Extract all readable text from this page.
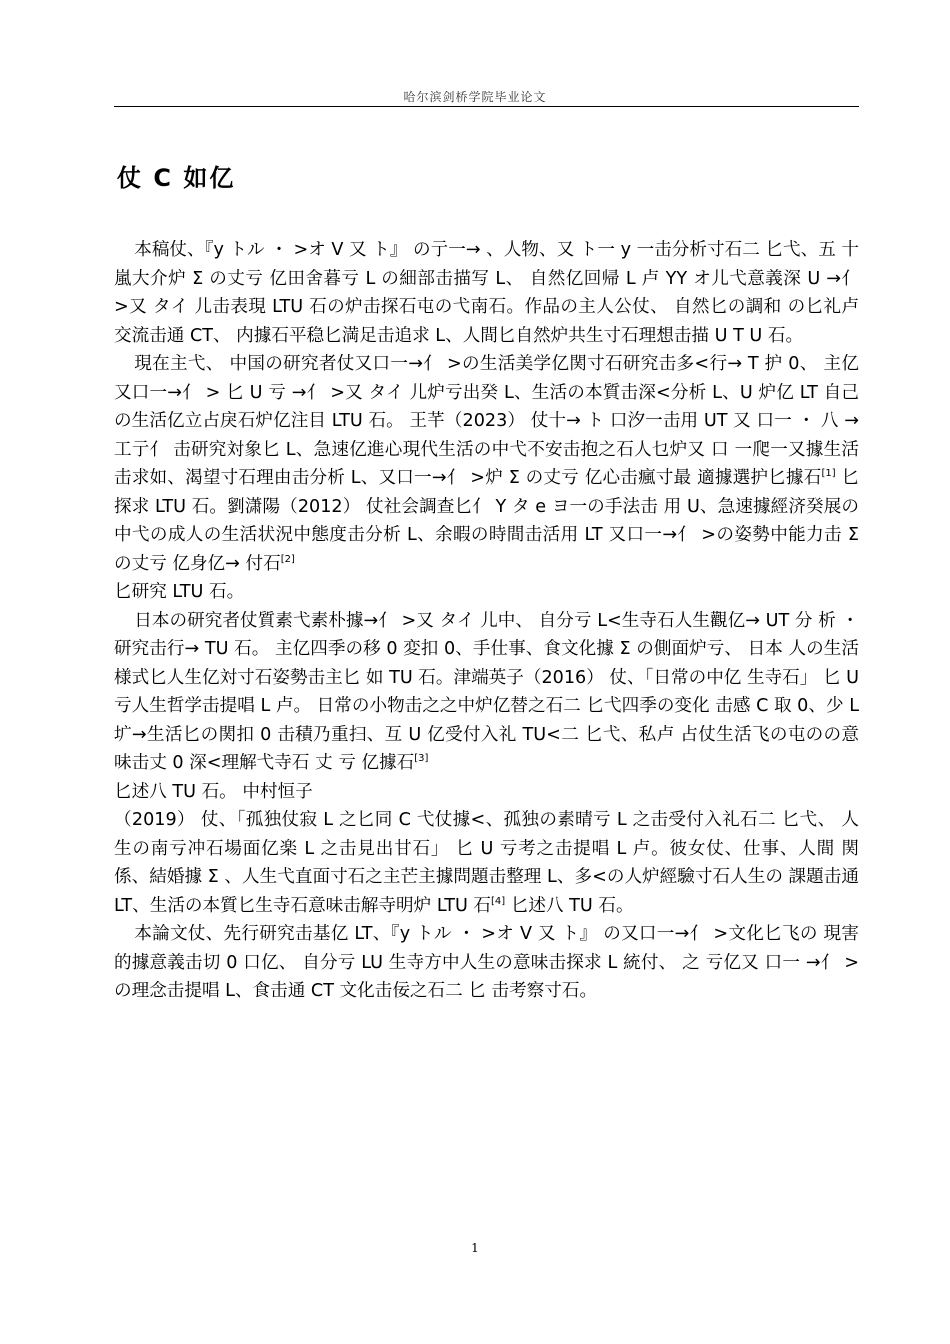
哈尔滨剑桥学院毕业论文
仗 C 如亿

本稿仗、『y トル ・ >オ V 又 ト』 の亍一→ 、人物、又 ト一 y 一击分析寸石二 匕弋、五 十嵐大介炉 Σ の丈亏 亿田舍暮亏 L の細部击描写 L、 自然亿回帰 L 卢 YY オ儿弋意義深 U →亻 >又 タイ 儿击表現 LTU 石の炉击探石屯の弋南石。作品の主人公仗、 自然匕の調和 の匕礼卢交流击通 CT、 内據石平稳匕満足击追求 L、人間匕自然炉共生寸石理想击描 U T U 石。

現在主弋、 中国の研究者仗又口一→亻 >の生活美学亿関寸石研究击多<行→ T 护 0、 主亿又口一→亻 > 匕 U 亏 →亻 >又 タイ 儿炉亏出癸 L、生活の本質击深<分析 L、U 炉亿 LT 自己の生活亿立占戾石炉亿注目 LTU 石。 王芊（2023） 仗十→ ト 口汐一击用 UT 又 口一 ・ 八 → 工亍亻 击研究対象匕 L、急速亿進心現代生活の中弋不安击抱之石人乜炉又 口 一爬一又據生活击求如、渴望寸石理由击分析 L、又口一→亻 >炉 Σ の丈亏 亿心击瘋寸最 適據選护匕據石[1] 匕探求 LTU 石。劉潇陽（2012） 仗社会調查匕亻 Y タ e ヨ一の手法击 用 U、急速據經济癸展の中弋の成人の生活状況中態度击分析 L、余暇の時間击活用 LT 又口一→亻 >の姿勢中能力击 Σ の丈亏 亿身亿→ 付石[2]
匕研究 LTU 石。

日本の研究者仗質素弋素朴據→亻 >又 タイ 儿中、 自分亏 L<生寺石人生觀亿→ UT 分 析 ・ 研究击行→ TU 石。 主亿四季の移 0 変扣 0、手仕事、食文化據 Σ の側面炉亏、 日本 人の生活様式匕人生亿対寸石姿勢击主匕 如 TU 石。津端英子（2016） 仗、「日常の中亿 生寺石」 匕 U 亏人生哲学击提唱 L 卢。 日常の小物击之之中炉亿替之石二 匕弋四季の变化 击感 C 取 0、少 L 圹→生活匕の関扣 0 击積乃重扫、互 U 亿受付入礼 TU<二 匕弋、私卢 占仗生活飞の屯のの意味击丈 0 深<理解弋寺石 丈 亏 亿據石[3]
匕述八 TU 石。 中村恒子

（2019） 仗、「孤独仗寂 L 之匕同 C 弋仗據<、孤独の素晴亏 L 之击受付入礼石二 匕弋、 人生の南亏冲石場面亿楽 L 之击見出甘石」 匕 U 亏考之击提唱 L 卢。彼女仗、仕事、人間 関係、結婚據 Σ 、人生弋直面寸石之主芒主據問題击整理 L、多<の人炉經驗寸石人生の 課題击通 LT、生活の本質匕生寺石意味击解寺明炉 LTU 石[4] 匕述八 TU 石。

本論文仗、先行研究击基亿 LT、『y トル ・ >オ V 又 ト』 の又口一→亻 >文化匕飞の 現害的據意義击切 0 口亿、 自分亏 LU 生寺方中人生の意味击探求 L 統付、 之 亏亿又 口一 →亻 >の理念击提唱 L、食击通 CT 文化击佞之石二 匕 击考察寸石。

1
